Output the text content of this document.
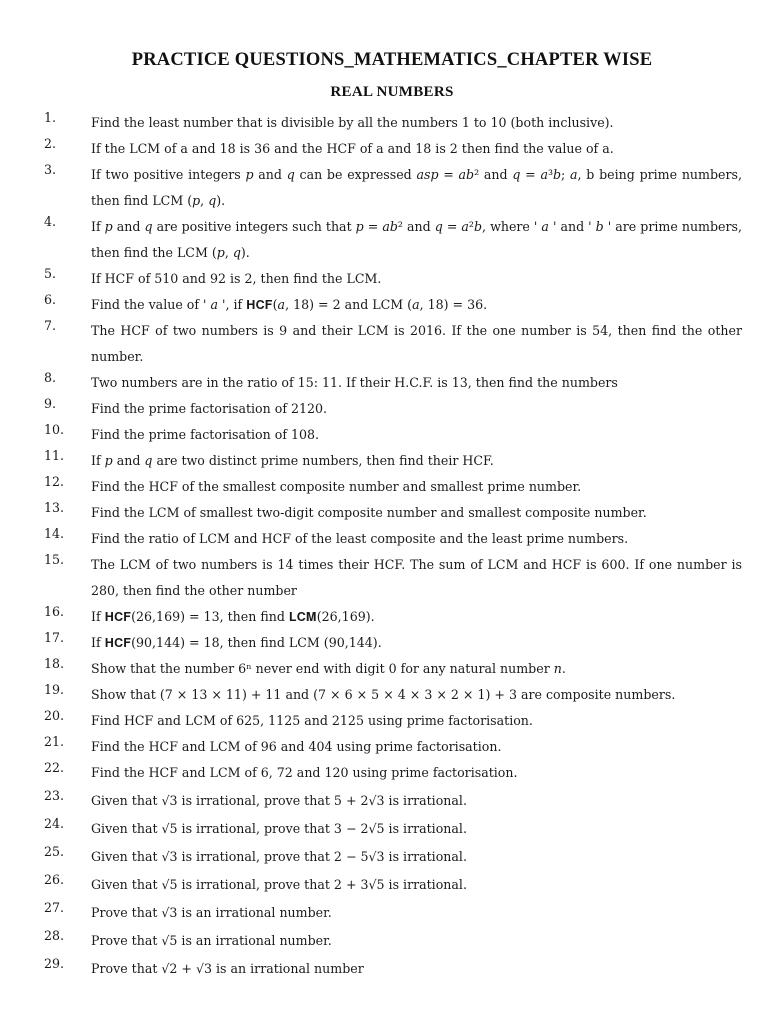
PRACTICE QUESTIONS_MATHEMATICS_CHAPTER WISE
REAL NUMBERS
1.	Find the least number that is divisible by all the numbers 1 to 10 (both inclusive).
2.	If the LCM of a and 18 is 36 and the HCF of a and 18 is 2 then find the value of a.
3.	If two positive integers 𝑝 and 𝑞 can be expressed 𝑎𝑠𝑝 = 𝑎𝑏² and 𝑞 = 𝑎³𝑏; 𝑎, b being prime numbers, then find LCM (𝑝, 𝑞).
4.	If 𝑝 and 𝑞 are positive integers such that 𝑝 = 𝑎𝑏² and 𝑞 = 𝑎²𝑏, where ' 𝑎 ' and ' 𝑏 ' are prime numbers, then find the LCM (𝑝, 𝑞).
5.	If HCF of 510 and 92 is 2, then find the LCM.
6.	Find the value of ' 𝑎 ', if 𝐇𝐂𝐅(𝑎, 18) = 2 and LCM (𝑎, 18) = 36.
7.	The HCF of two numbers is 9 and their LCM is 2016. If the one number is 54, then find the other number.
8.	Two numbers are in the ratio of 15: 11. If their H.C.F. is 13, then find the numbers
9.	Find the prime factorisation of 2120.
10. Find the prime factorisation of 108.
11. If 𝑝 and 𝑞 are two distinct prime numbers, then find their HCF.
12. Find the HCF of the smallest composite number and smallest prime number.
13. Find the LCM of smallest two-digit composite number and smallest composite number.
14. Find the ratio of LCM and HCF of the least composite and the least prime numbers.
15. The LCM of two numbers is 14 times their HCF. The sum of LCM and HCF is 600. If one number is 280, then find the other number
16. If 𝐇𝐂𝐅(26,169) = 13, then find 𝐋𝐂𝐌(26,169).
17. If 𝐇𝐂𝐅(90,144) = 18, then find LCM (90,144).
18. Show that the number 6ⁿ never end with digit 0 for any natural number 𝑛.
19. Show that (7 × 13 × 11) + 11 and (7 × 6 × 5 × 4 × 3 × 2 × 1) + 3 are composite numbers.
20. Find HCF and LCM of 625, 1125 and 2125 using prime factorisation.
21. Find the HCF and LCM of 96 and 404 using prime factorisation.
22. Find the HCF and LCM of 6, 72 and 120 using prime factorisation.
23. Given that √3 is irrational, prove that 5 + 2√3 is irrational.
24. Given that √5 is irrational, prove that 3 − 2√5 is irrational.
25. Given that √3 is irrational, prove that 2 − 5√3 is irrational.
26. Given that √5 is irrational, prove that 2 + 3√5 is irrational.
27. Prove that √3 is an irrational number.
28. Prove that √5 is an irrational number.
29. Prove that √2 + √3 is an irrational number
